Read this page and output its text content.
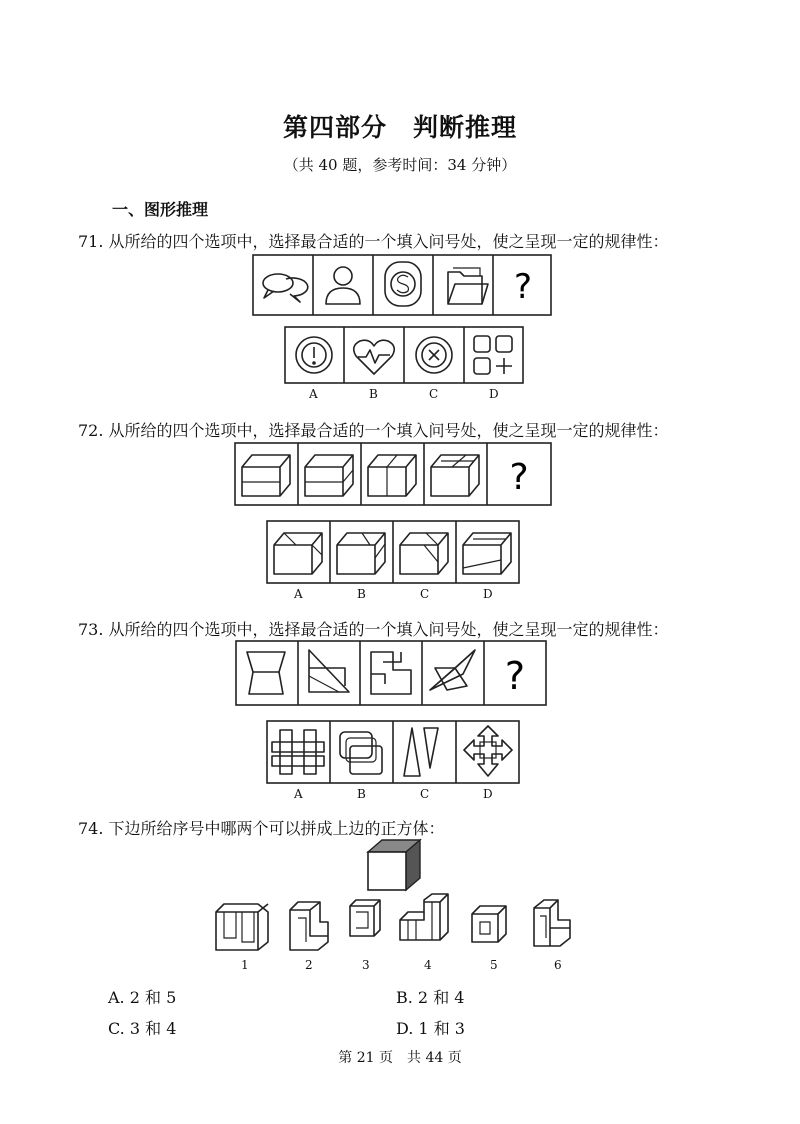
第四部分　判断推理
（共 40 题，参考时间：34 分钟）
一、图形推理
71. 从所给的四个选项中，选择最合适的一个填入问号处，使之呈现一定的规律性：
?
A	B	C	D
72. 从所给的四个选项中，选择最合适的一个填入问号处，使之呈现一定的规律性：
?
A	B	C	D
73. 从所给的四个选项中，选择最合适的一个填入问号处，使之呈现一定的规律性：
?
A	B	C	D
74. 下边所给序号中哪两个可以拼成上边的正方体：
1	2	3	4	5	6
A. 2 和 5	B. 2 和 4
C. 3 和 4	D. 1 和 3
第 21 页　共 44 页
